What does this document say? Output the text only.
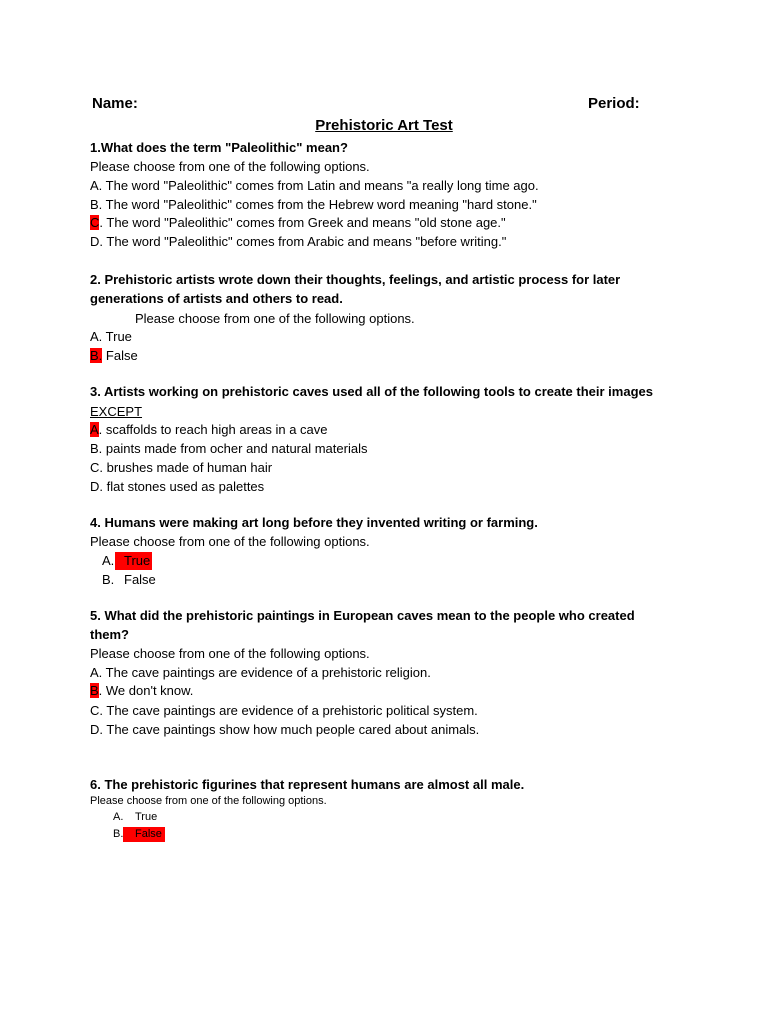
Name:	Period:
Prehistoric Art Test
1.What does the term "Paleolithic" mean?
Please choose from one of the following options.
A. The word "Paleolithic" comes from Latin and means "a really long time ago.
B. The word "Paleolithic" comes from the Hebrew word meaning "hard stone."
C. The word "Paleolithic" comes from Greek and means "old stone age."
D. The word "Paleolithic" comes from Arabic and means "before writing."
2. Prehistoric artists wrote down their thoughts, feelings, and artistic process for later
generations of artists and others to read.
Please choose from one of the following options.
A. True
B. False
3. Artists working on prehistoric caves used all of the following tools to create their images
EXCEPT
A. scaffolds to reach high areas in a cave
B. paints made from ocher and natural materials
C. brushes made of human hair
D. flat stones used as palettes
4. Humans were making art long before they invented writing or farming.
Please choose from one of the following options.
A. True
B. False
5. What did the prehistoric paintings in European caves mean to the people who created
them?
Please choose from one of the following options.
A. The cave paintings are evidence of a prehistoric religion.
B. We don't know.
C. The cave paintings are evidence of a prehistoric political system.
D. The cave paintings show how much people cared about animals.
6. The prehistoric figurines that represent humans are almost all male.
Please choose from one of the following options.
A. True
B. False
